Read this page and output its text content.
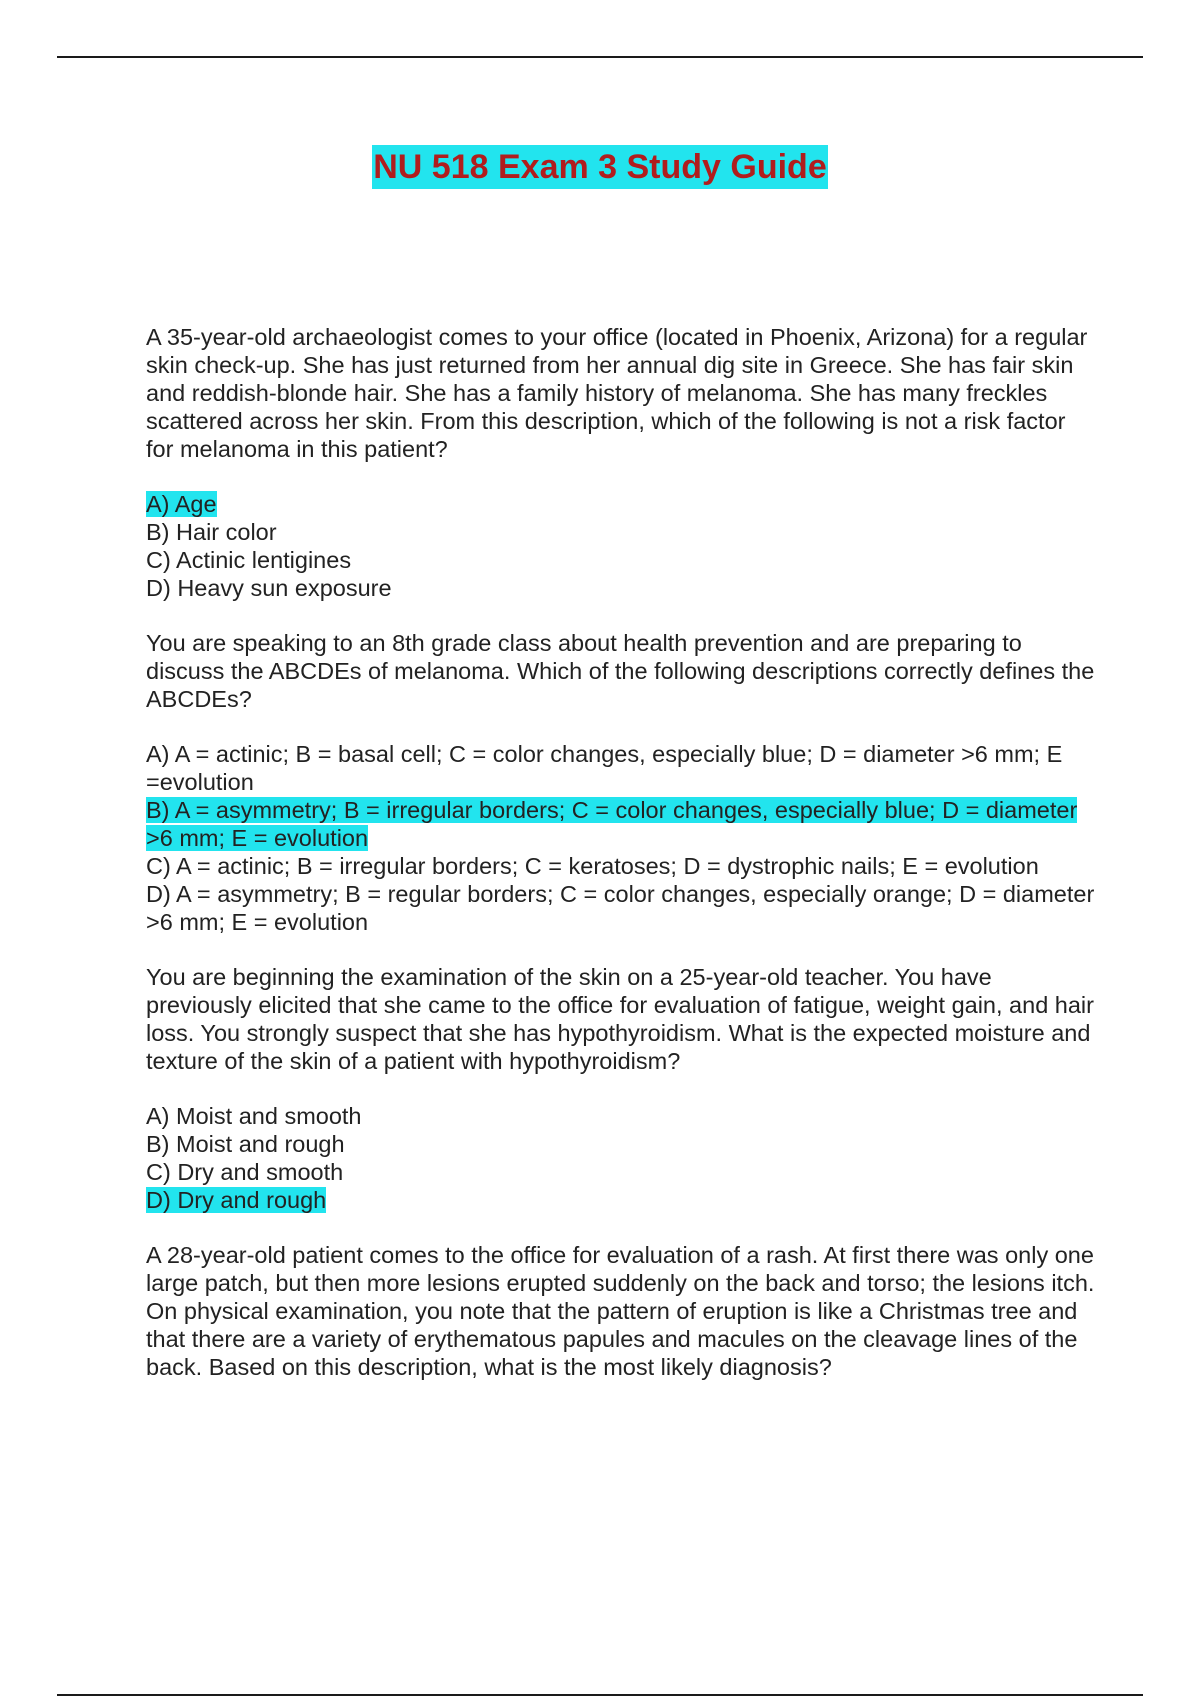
NU 518 Exam 3 Study Guide

A 35-year-old archaeologist comes to your office (located in Phoenix, Arizona) for a regular skin check-up. She has just returned from her annual dig site in Greece. She has fair skin and reddish-blonde hair. She has a family history of melanoma. She has many freckles scattered across her skin. From this description, which of the following is not a risk factor for melanoma in this patient?

A) Age
B) Hair color
C) Actinic lentigines
D) Heavy sun exposure

You are speaking to an 8th grade class about health prevention and are preparing to discuss the ABCDEs of melanoma. Which of the following descriptions correctly defines the ABCDEs?

A) A = actinic; B = basal cell; C = color changes, especially blue; D = diameter >6 mm; E =evolution
B) A = asymmetry; B = irregular borders; C = color changes, especially blue; D = diameter >6 mm; E = evolution
C) A = actinic; B = irregular borders; C = keratoses; D = dystrophic nails; E = evolution
D) A = asymmetry; B = regular borders; C = color changes, especially orange; D = diameter >6 mm; E = evolution

You are beginning the examination of the skin on a 25-year-old teacher. You have previously elicited that she came to the office for evaluation of fatigue, weight gain, and hair loss. You strongly suspect that she has hypothyroidism. What is the expected moisture and texture of the skin of a patient with hypothyroidism?

A) Moist and smooth
B) Moist and rough
C) Dry and smooth
D) Dry and rough

A 28-year-old patient comes to the office for evaluation of a rash. At first there was only one large patch, but then more lesions erupted suddenly on the back and torso; the lesions itch. On physical examination, you note that the pattern of eruption is like a Christmas tree and that there are a variety of erythematous papules and macules on the cleavage lines of the back. Based on this description, what is the most likely diagnosis?
